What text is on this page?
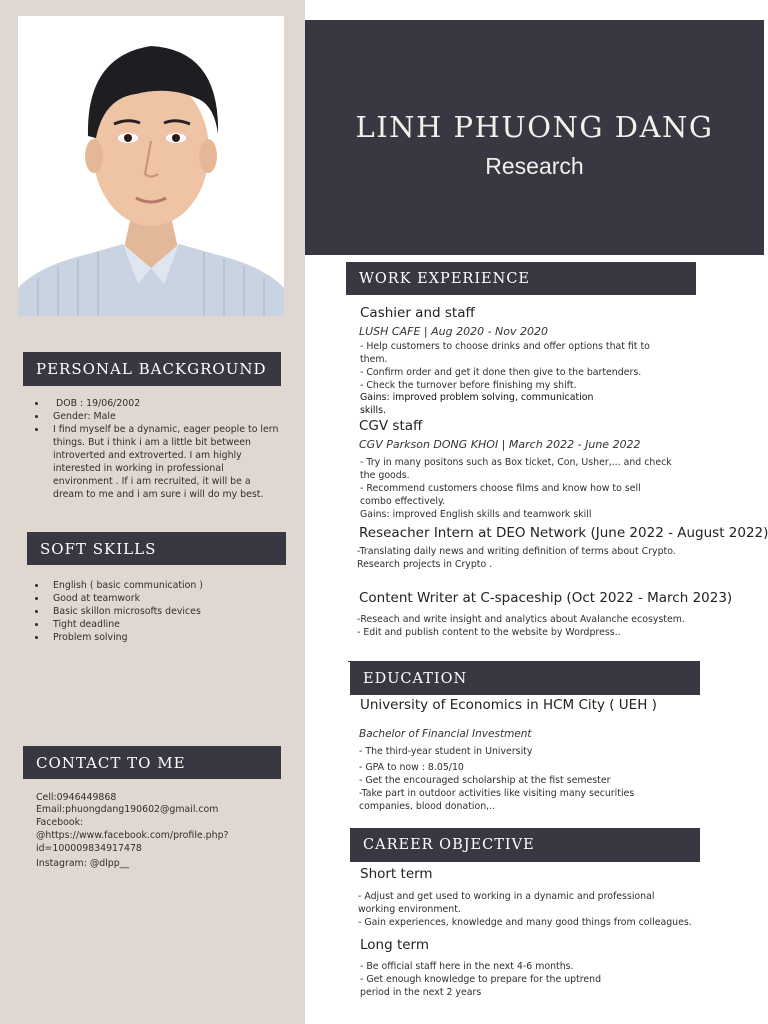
LINH PHUONG DANG
Research
PERSONAL BACKGROUND
DOB : 19/06/2002
Gender: Male
I find myself be a dynamic, eager people to lern things. But i think i am a little bit between introverted and extroverted. I am highly interested in working in professional environment . If i am recruited, it will be a dream to me and i am sure i will do my best.
SOFT SKILLS
English ( basic communication )
Good at teamwork
Basic skillon microsofts devices
Tight deadline
Problem solving
CONTACT TO ME
Cell:0946449868
Email:phuongdang190602@gmail.com
Facebook:
@https://www.facebook.com/profile.php?
id=100009834917478
Instagram: @dlpp__
WORK EXPERIENCE
Cashier and staff
LUSH CAFE | Aug 2020 - Nov 2020
- Help customers to choose drinks and offer options that fit to
them.
- Confirm order and get it done then give to the bartenders.
- Check the turnover before finishing my shift.
Gains: improved problem solving, communication
skills.
CGV staff
CGV Parkson DONG KHOI | March 2022 - June 2022
- Try in many positons such as Box ticket, Con, Usher,... and check
the goods.
- Recommend customers choose films and know how to sell
combo effectively.
Gains: improved English skills and teamwork skill
Reseacher Intern at DEO Network (June 2022 - August 2022)
-Translating daily news and writing definition of terms about Crypto.
Research projects in Crypto .
Content Writer at C-spaceship (Oct 2022 - March 2023)
-Reseach and write insight and analytics about Avalanche ecosystem.
- Edit and publish content to the website by Wordpress..
EDUCATION
University of Economics in HCM City ( UEH )
Bachelor of Financial Investment
- The third-year student in University
- GPA to now : 8.05/10
- Get the encouraged scholarship at the fist semester
-Take part in outdoor activities like visiting many securities
companies, blood donation,..
CAREER OBJECTIVE
Short term
- Adjust and get used to working in a dynamic and professional
working environment.
- Gain experiences, knowledge and many good things from colleagues.
Long term
- Be official staff here in the next 4-6 months.
- Get enough knowledge to prepare for the uptrend
period in the next 2 years
